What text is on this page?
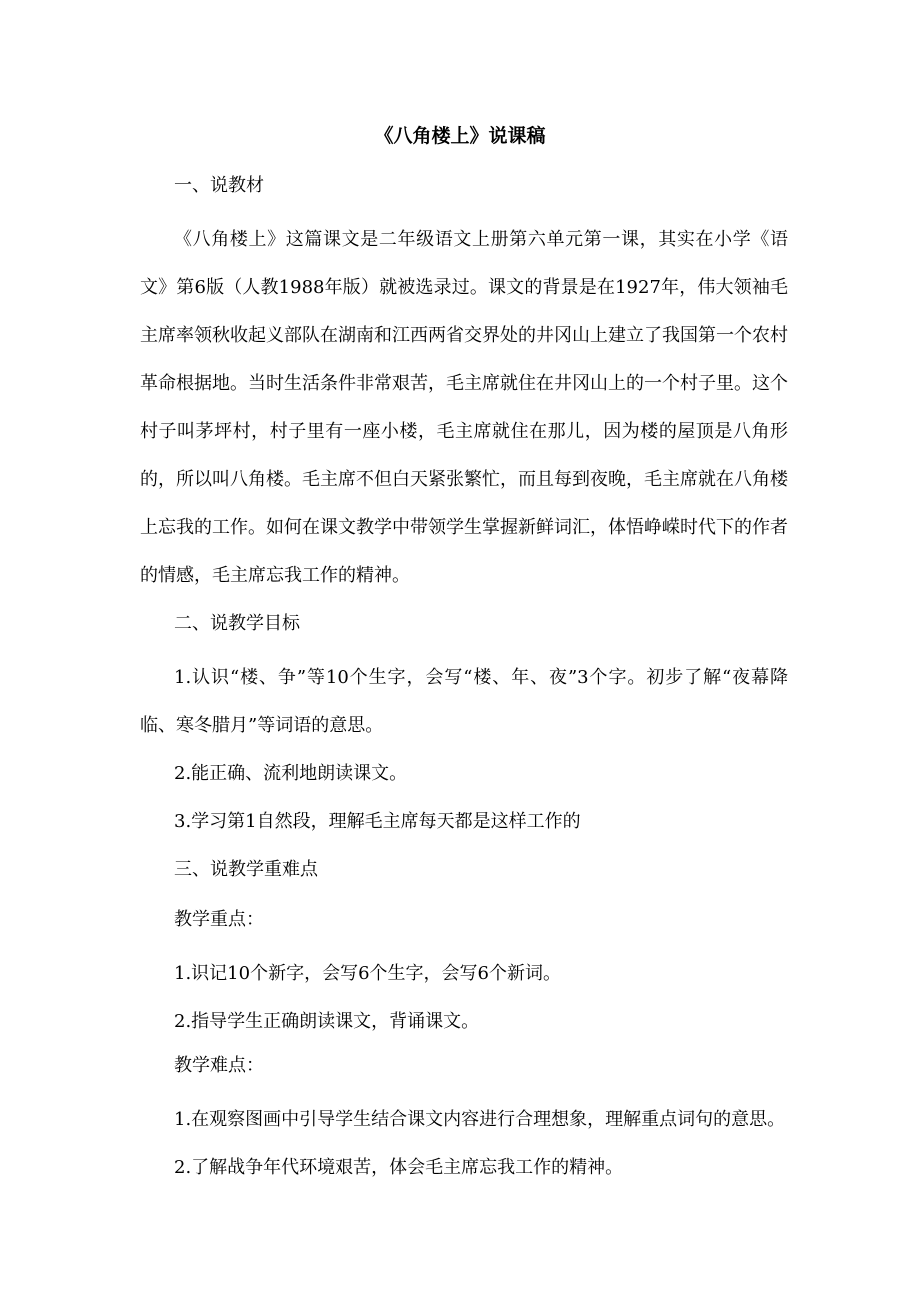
《八角楼上》说课稿
一、说教材

《八角楼上》这篇课文是二年级语文上册第六单元第一课，其实在小学《语文》第6版（人教1988年版）就被选录过。课文的背景是在1927年，伟大领袖毛主席率领秋收起义部队在湖南和江西两省交界处的井冈山上建立了我国第一个农村革命根据地。当时生活条件非常艰苦，毛主席就住在井冈山上的一个村子里。这个村子叫茅坪村，村子里有一座小楼，毛主席就住在那儿，因为楼的屋顶是八角形的，所以叫八角楼。毛主席不但白天紧张繁忙，而且每到夜晚，毛主席就在八角楼上忘我的工作。如何在课文教学中带领学生掌握新鲜词汇，体悟峥嵘时代下的作者的情感，毛主席忘我工作的精神。

二、说教学目标

1.认识“楼、争”等10个生字，会写“楼、年、夜”3个字。初步了解“夜幕降临、寒冬腊月”等词语的意思。

2.能正确、流利地朗读课文。

3.学习第1自然段，理解毛主席每天都是这样工作的

三、说教学重难点
教学重点：

1.识记10个新字，会写6个生字，会写6个新词。

2.指导学生正确朗读课文，背诵课文。

教学难点：

1.在观察图画中引导学生结合课文内容进行合理想象，理解重点词句的意思。

2.了解战争年代环境艰苦，体会毛主席忘我工作的精神。
